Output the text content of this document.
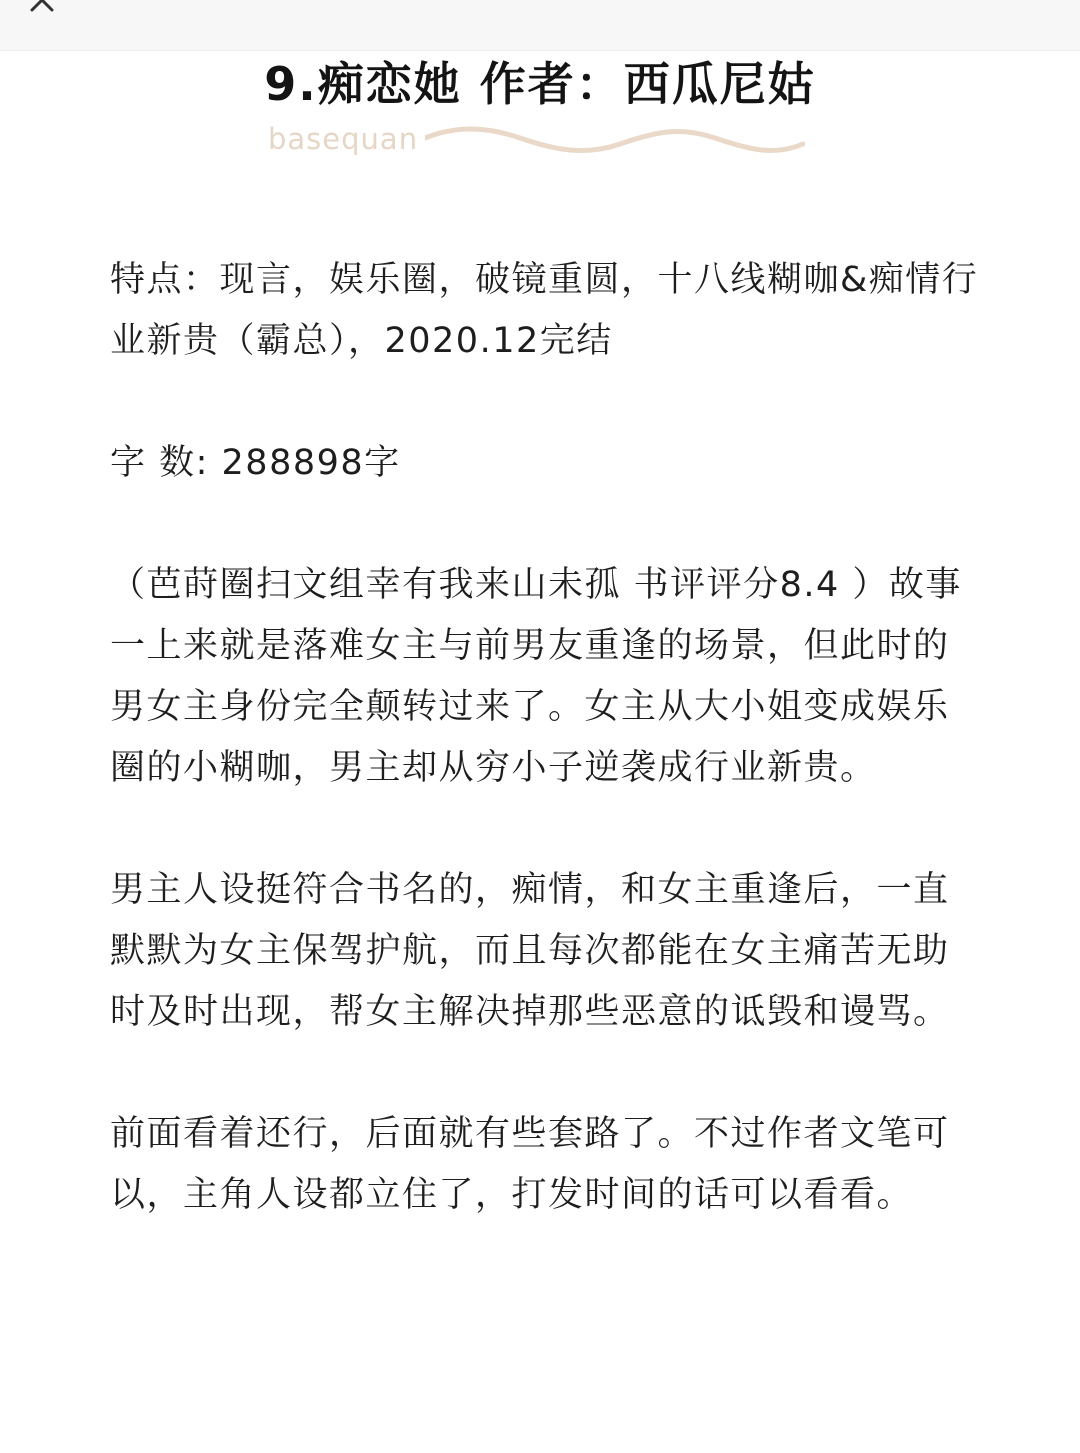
9.痴恋她 作者：西瓜尼姑
basequan

特点：现言，娱乐圈，破镜重圆，十八线糊咖&痴情行业新贵（霸总），2020.12完结

字 数: 288898字

（芭莳圈扫文组幸有我来山未孤 书评评分8.4 ）故事一上来就是落难女主与前男友重逢的场景，但此时的男女主身份完全颠转过来了。女主从大小姐变成娱乐圈的小糊咖，男主却从穷小子逆袭成行业新贵。

男主人设挺符合书名的，痴情，和女主重逢后，一直默默为女主保驾护航，而且每次都能在女主痛苦无助时及时出现，帮女主解决掉那些恶意的诋毁和谩骂。

前面看着还行，后面就有些套路了。不过作者文笔可以，主角人设都立住了，打发时间的话可以看看。
